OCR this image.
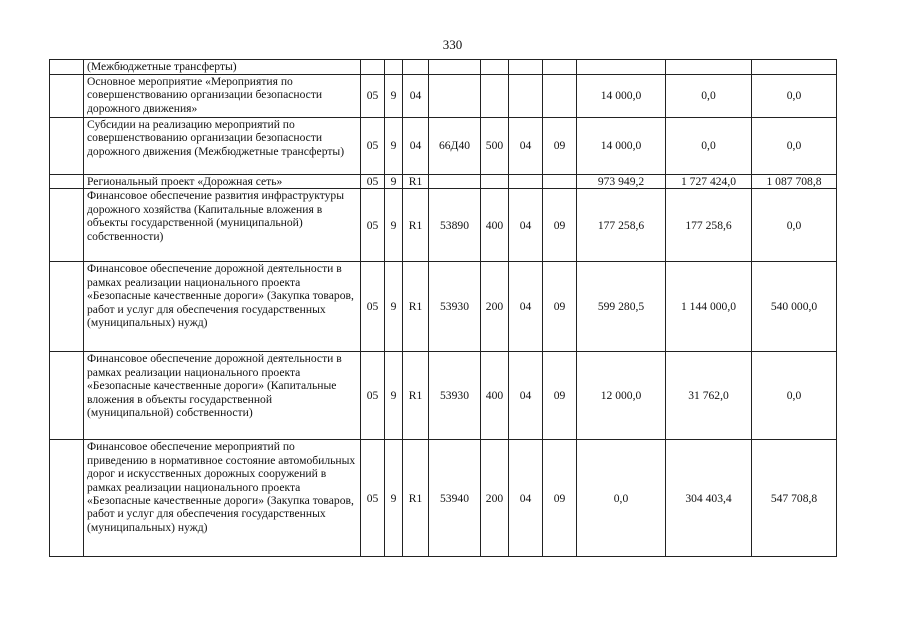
330
	(Межбюджетные трансферты)										
	Основное мероприятие «Мероприятия по совершенствованию организации безопасности дорожного движения»	05	9	04					14 000,0	0,0	0,0
	Субсидии на реализацию мероприятий по совершенствованию организации безопасности дорожного движения (Межбюджетные трансферты)	05	9	04	66Д40	500	04	09	14 000,0	0,0	0,0
	Региональный проект «Дорожная сеть»	05	9	R1					973 949,2	1 727 424,0	1 087 708,8
	Финансовое обеспечение развития инфраструктуры дорожного хозяйства (Капитальные вложения в объекты государственной (муниципальной) собственности)	05	9	R1	53890	400	04	09	177 258,6	177 258,6	0,0
	Финансовое обеспечение дорожной деятельности в рамках реализации национального проекта «Безопасные качественные дороги» (Закупка товаров, работ и услуг для обеспечения государственных (муниципальных) нужд)	05	9	R1	53930	200	04	09	599 280,5	1 144 000,0	540 000,0
	Финансовое обеспечение дорожной деятельности в рамках реализации национального проекта «Безопасные качественные дороги» (Капитальные вложения в объекты государственной (муниципальной) собственности)	05	9	R1	53930	400	04	09	12 000,0	31 762,0	0,0
	Финансовое обеспечение мероприятий по приведению в нормативное состояние автомобильных дорог и искусственных дорожных сооружений в рамках реализации национального проекта «Безопасные качественные дороги» (Закупка товаров, работ и услуг для обеспечения государственных (муниципальных) нужд)	05	9	R1	53940	200	04	09	0,0	304 403,4	547 708,8
